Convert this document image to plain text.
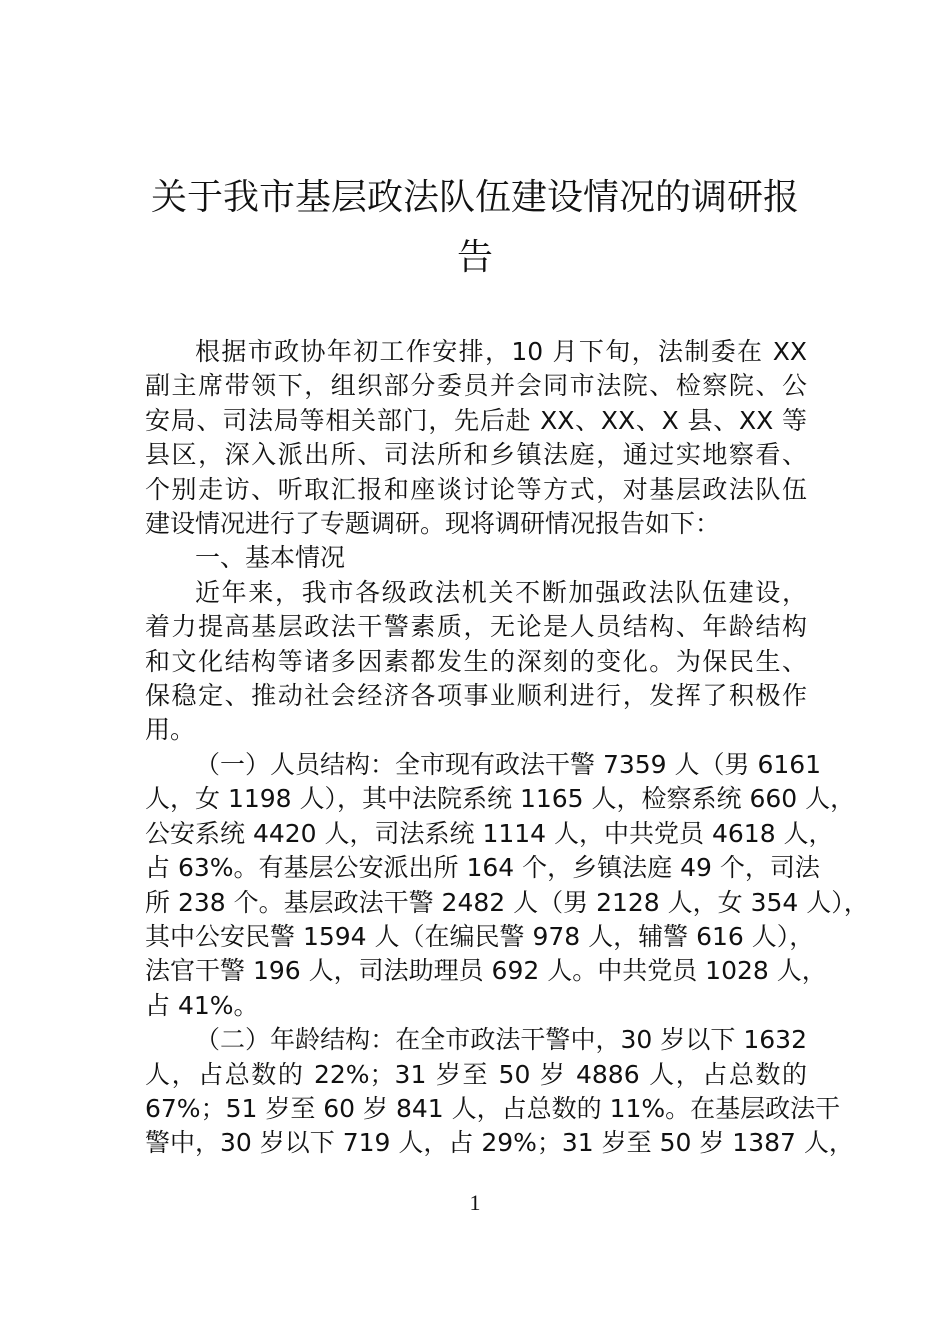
关于我市基层政法队伍建设情况的调研报
告

根据市政协年初工作安排，10 月下旬，法制委在 XX
副主席带领下，组织部分委员并会同市法院、检察院、公
安局、司法局等相关部门，先后赴 XX、XX、X 县、XX 等
县区，深入派出所、司法所和乡镇法庭，通过实地察看、
个别走访、听取汇报和座谈讨论等方式，对基层政法队伍
建设情况进行了专题调研。现将调研情况报告如下：

一、基本情况

近年来，我市各级政法机关不断加强政法队伍建设，
着力提高基层政法干警素质，无论是人员结构、年龄结构
和文化结构等诸多因素都发生的深刻的变化。为保民生、
保稳定、推动社会经济各项事业顺利进行，发挥了积极作
用。

（一）人员结构：全市现有政法干警 7359 人（男 6161
人，女 1198 人），其中法院系统 1165 人，检察系统 660 人，
公安系统 4420 人，司法系统 1114 人，中共党员 4618 人，
占 63%。有基层公安派出所 164 个，乡镇法庭 49 个，司法
所 238 个。基层政法干警 2482 人（男 2128 人，女 354 人），
其中公安民警 1594 人（在编民警 978 人，辅警 616 人），
法官干警 196 人，司法助理员 692 人。中共党员 1028 人，
占 41%。

（二）年龄结构：在全市政法干警中，30 岁以下 1632
人，占总数的 22%；31 岁至 50 岁 4886 人，占总数的
67%；51 岁至 60 岁 841 人，占总数的 11%。在基层政法干
警中，30 岁以下 719 人，占 29%；31 岁至 50 岁 1387 人，

1
